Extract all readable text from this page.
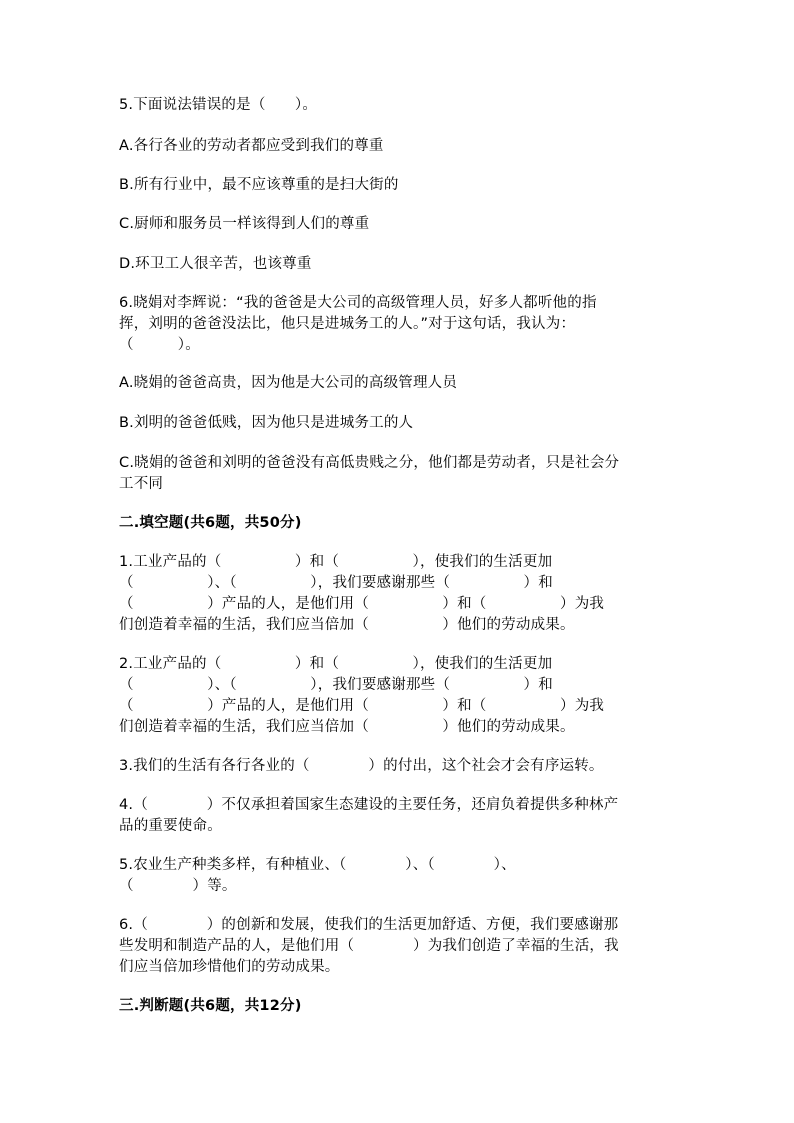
5.下面说法错误的是（　　）。
A.各行各业的劳动者都应受到我们的尊重
B.所有行业中，最不应该尊重的是扫大街的
C.厨师和服务员一样该得到人们的尊重
D.环卫工人很辛苦，也该尊重
6.晓娟对李辉说：“我的爸爸是大公司的高级管理人员，好多人都听他的指
挥，刘明的爸爸没法比，他只是进城务工的人。”对于这句话，我认为：
（　　　）。
A.晓娟的爸爸高贵，因为他是大公司的高级管理人员
B.刘明的爸爸低贱，因为他只是进城务工的人
C.晓娟的爸爸和刘明的爸爸没有高低贵贱之分，他们都是劳动者，只是社会分
工不同
二.填空题(共6题，共50分)
1.工业产品的（　　　　　）和（　　　　　），使我们的生活更加
（　　　　　）、（　　　　　），我们要感谢那些（　　　　　）和
（　　　　　）产品的人，是他们用（　　　　　）和（　　　　　）为我
们创造着幸福的生活，我们应当倍加（　　　　　）他们的劳动成果。
2.工业产品的（　　　　　）和（　　　　　），使我们的生活更加
（　　　　　）、（　　　　　），我们要感谢那些（　　　　　）和
（　　　　　）产品的人，是他们用（　　　　　）和（　　　　　）为我
们创造着幸福的生活，我们应当倍加（　　　　　）他们的劳动成果。
3.我们的生活有各行各业的（　　　　）的付出，这个社会才会有序运转。
4.（　　　　）不仅承担着国家生态建设的主要任务，还肩负着提供多种林产
品的重要使命。
5.农业生产种类多样，有种植业、（　　　　）、（　　　　）、
（　　　　）等。
6.（　　　　）的创新和发展，使我们的生活更加舒适、方便，我们要感谢那
些发明和制造产品的人，是他们用（　　　　）为我们创造了幸福的生活，我
们应当倍加珍惜他们的劳动成果。
三.判断题(共6题，共12分)
